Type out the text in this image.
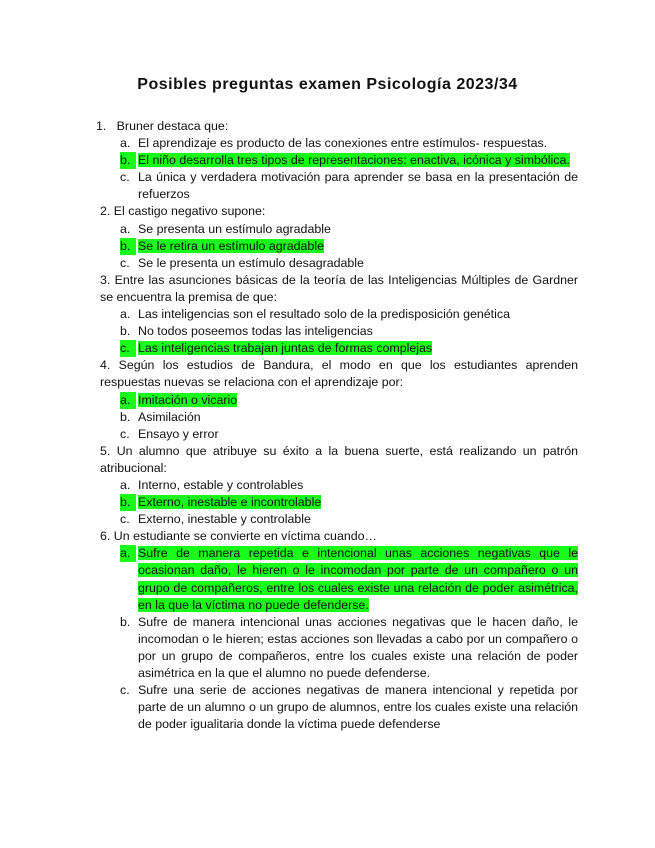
Posibles preguntas examen Psicología 2023/34
1. Bruner destaca que:
a. El aprendizaje es producto de las conexiones entre estímulos- respuestas.
b. El niño desarrolla tres tipos de representaciones: enactiva, icónica y simbólica.
c. La única y verdadera motivación para aprender se basa en la presentación de refuerzos
2. El castigo negativo supone:
a. Se presenta un estímulo agradable
b. Se le retira un estímulo agradable
c. Se le presenta un estímulo desagradable
3. Entre las asunciones básicas de la teoría de las Inteligencias Múltiples de Gardner se encuentra la premisa de que:
a. Las inteligencias son el resultado solo de la predisposición genética
b. No todos poseemos todas las inteligencias
c. Las inteligencias trabajan juntas de formas complejas
4. Según los estudios de Bandura, el modo en que los estudiantes aprenden respuestas nuevas se relaciona con el aprendizaje por:
a. Imitación o vicario
b. Asimilación
c. Ensayo y error
5. Un alumno que atribuye su éxito a la buena suerte, está realizando un patrón atribucional:
a. Interno, estable y controlables
b. Externo, inestable e incontrolable
c. Externo, inestable y controlable
6. Un estudiante se convierte en víctima cuando…
a. Sufre de manera repetida e intencional unas acciones negativas que le ocasionan daño, le hieren o le incomodan por parte de un compañero o un grupo de compañeros, entre los cuales existe una relación de poder asimétrica, en la que la víctima no puede defenderse.
b. Sufre de manera intencional unas acciones negativas que le hacen daño, le incomodan o le hieren; estas acciones son llevadas a cabo por un compañero o por un grupo de compañeros, entre los cuales existe una relación de poder asimétrica en la que el alumno no puede defenderse.
c. Sufre una serie de acciones negativas de manera intencional y repetida por parte de un alumno o un grupo de alumnos, entre los cuales existe una relación de poder igualitaria donde la víctima puede defenderse
